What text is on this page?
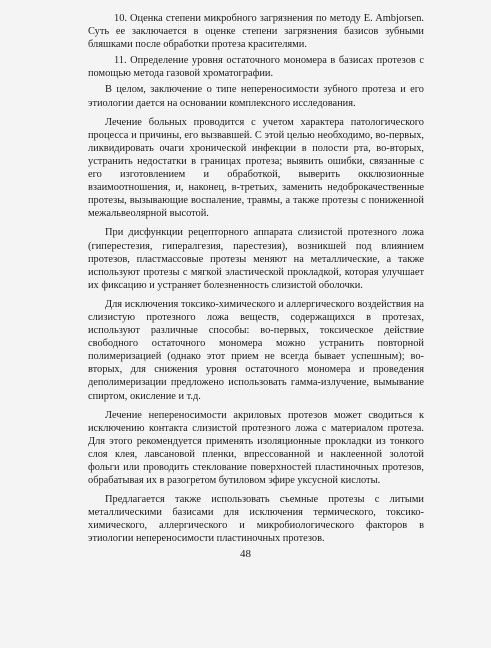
10. Оценка степени микробного загрязнения по методу E. Ambjorsen. Суть ее заключается в оценке степени загрязнения базисов зубными бляшками после обработки протеза красителями.

11. Определение уровня остаточного мономера в базисах протезов с помощью метода газовой хроматографии.

В целом, заключение о типе непереносимости зубного протеза и его этиологии дается на основании комплексного исследования.

Лечение больных проводится с учетом характера патологического процесса и причины, его вызвавшей. С этой целью необходимо, во-первых, ликвидировать очаги хронической инфекции в полости рта, во-вторых, устранить недостатки в границах протеза; выявить ошибки, связанные с его изготовлением и обработкой, выверить окклюзионные взаимоотношения, и, наконец, в-третьих, заменить недоброкачественные протезы, вызывающие воспаление, травмы, а также протезы с пониженной межальвеолярной высотой.

При дисфункции рецепторного аппарата слизистой протезного ложа (гиперестезия, гипералгезия, парестезия), возникшей под влиянием протезов, пластмассовые протезы меняют на металлические, а также используют протезы с мягкой эластической прокладкой, которая улучшает их фиксацию и устраняет болезненность слизистой оболочки.

Для исключения токсико-химического и аллергического воздействия на слизистую протезного ложа веществ, содержащихся в протезах, используют различные способы: во-первых, токсическое действие свободного остаточного мономера можно устранить повторной полимеризацией (однако этот прием не всегда бывает успешным); во-вторых, для снижения уровня остаточного мономера и проведения деполимеризации предложено использовать гамма-излучение, вымывание спиртом, окисление и т.д.

Лечение непереносимости акриловых протезов может сводиться к исключению контакта слизистой протезного ложа с материалом протеза. Для этого рекомендуется применять изоляционные прокладки из тонкого слоя клея, лавсановой пленки, впрессованной и наклеенной золотой фольги или проводить стеклование поверхностей пластиночных протезов, обрабатывая их в разогретом бутиловом эфире уксусной кислоты.

Предлагается также использовать съемные протезы с литыми металлическими базисами для исключения термического, токсико-химического, аллергического и микробиологического факторов в этиологии непереносимости пластиночных протезов.

48
